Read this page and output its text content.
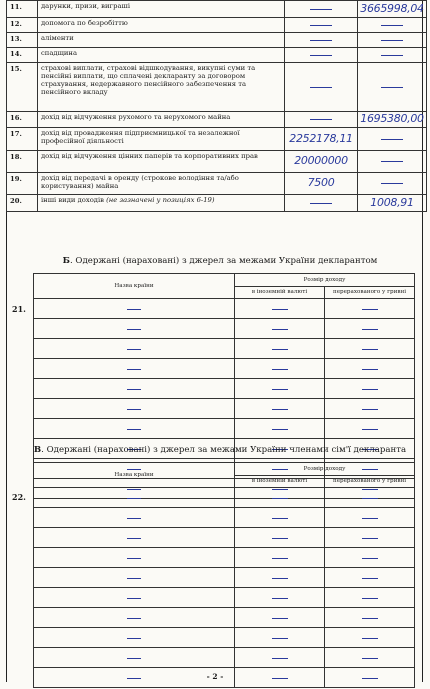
11.	дарунки, призи, виграші		3665998,04
12.	допомога по безробіттю		
13.	аліменти		
14.	спадщина		
15.	страхові виплати, страхові відшкодування, викупні суми та пенсійні виплати, що сплачені декларанту за договором страхування, недержавного пенсійного забезпечення та пенсійного вкладу		
16.	дохід від відчуження рухомого та нерухомого майна		1695380,00
17.	дохід від провадження підприємницької та незалежної професійної діяльності	2252178,11	
18.	дохід від відчуження цінних паперів та корпоративних прав	20000000	
19.	дохід від передачі в оренду (строкове володіння та/або користування) майна	7500	
20.	інші види доходів (не зазначені у позиціях 6-19)		1008,91
Б. Одержані (нараховані) з джерел за межами України декларантом
21.
Назва країни	Розмір доходу	
	в іноземній валюті	перерахованого у гривні

В. Одержані (нараховані) з джерел за межами України членами сім'ї декларанта
22.
Назва країни	Розмір доходу	
	в іноземній валюті	перерахованого у гривні

- 2 -
